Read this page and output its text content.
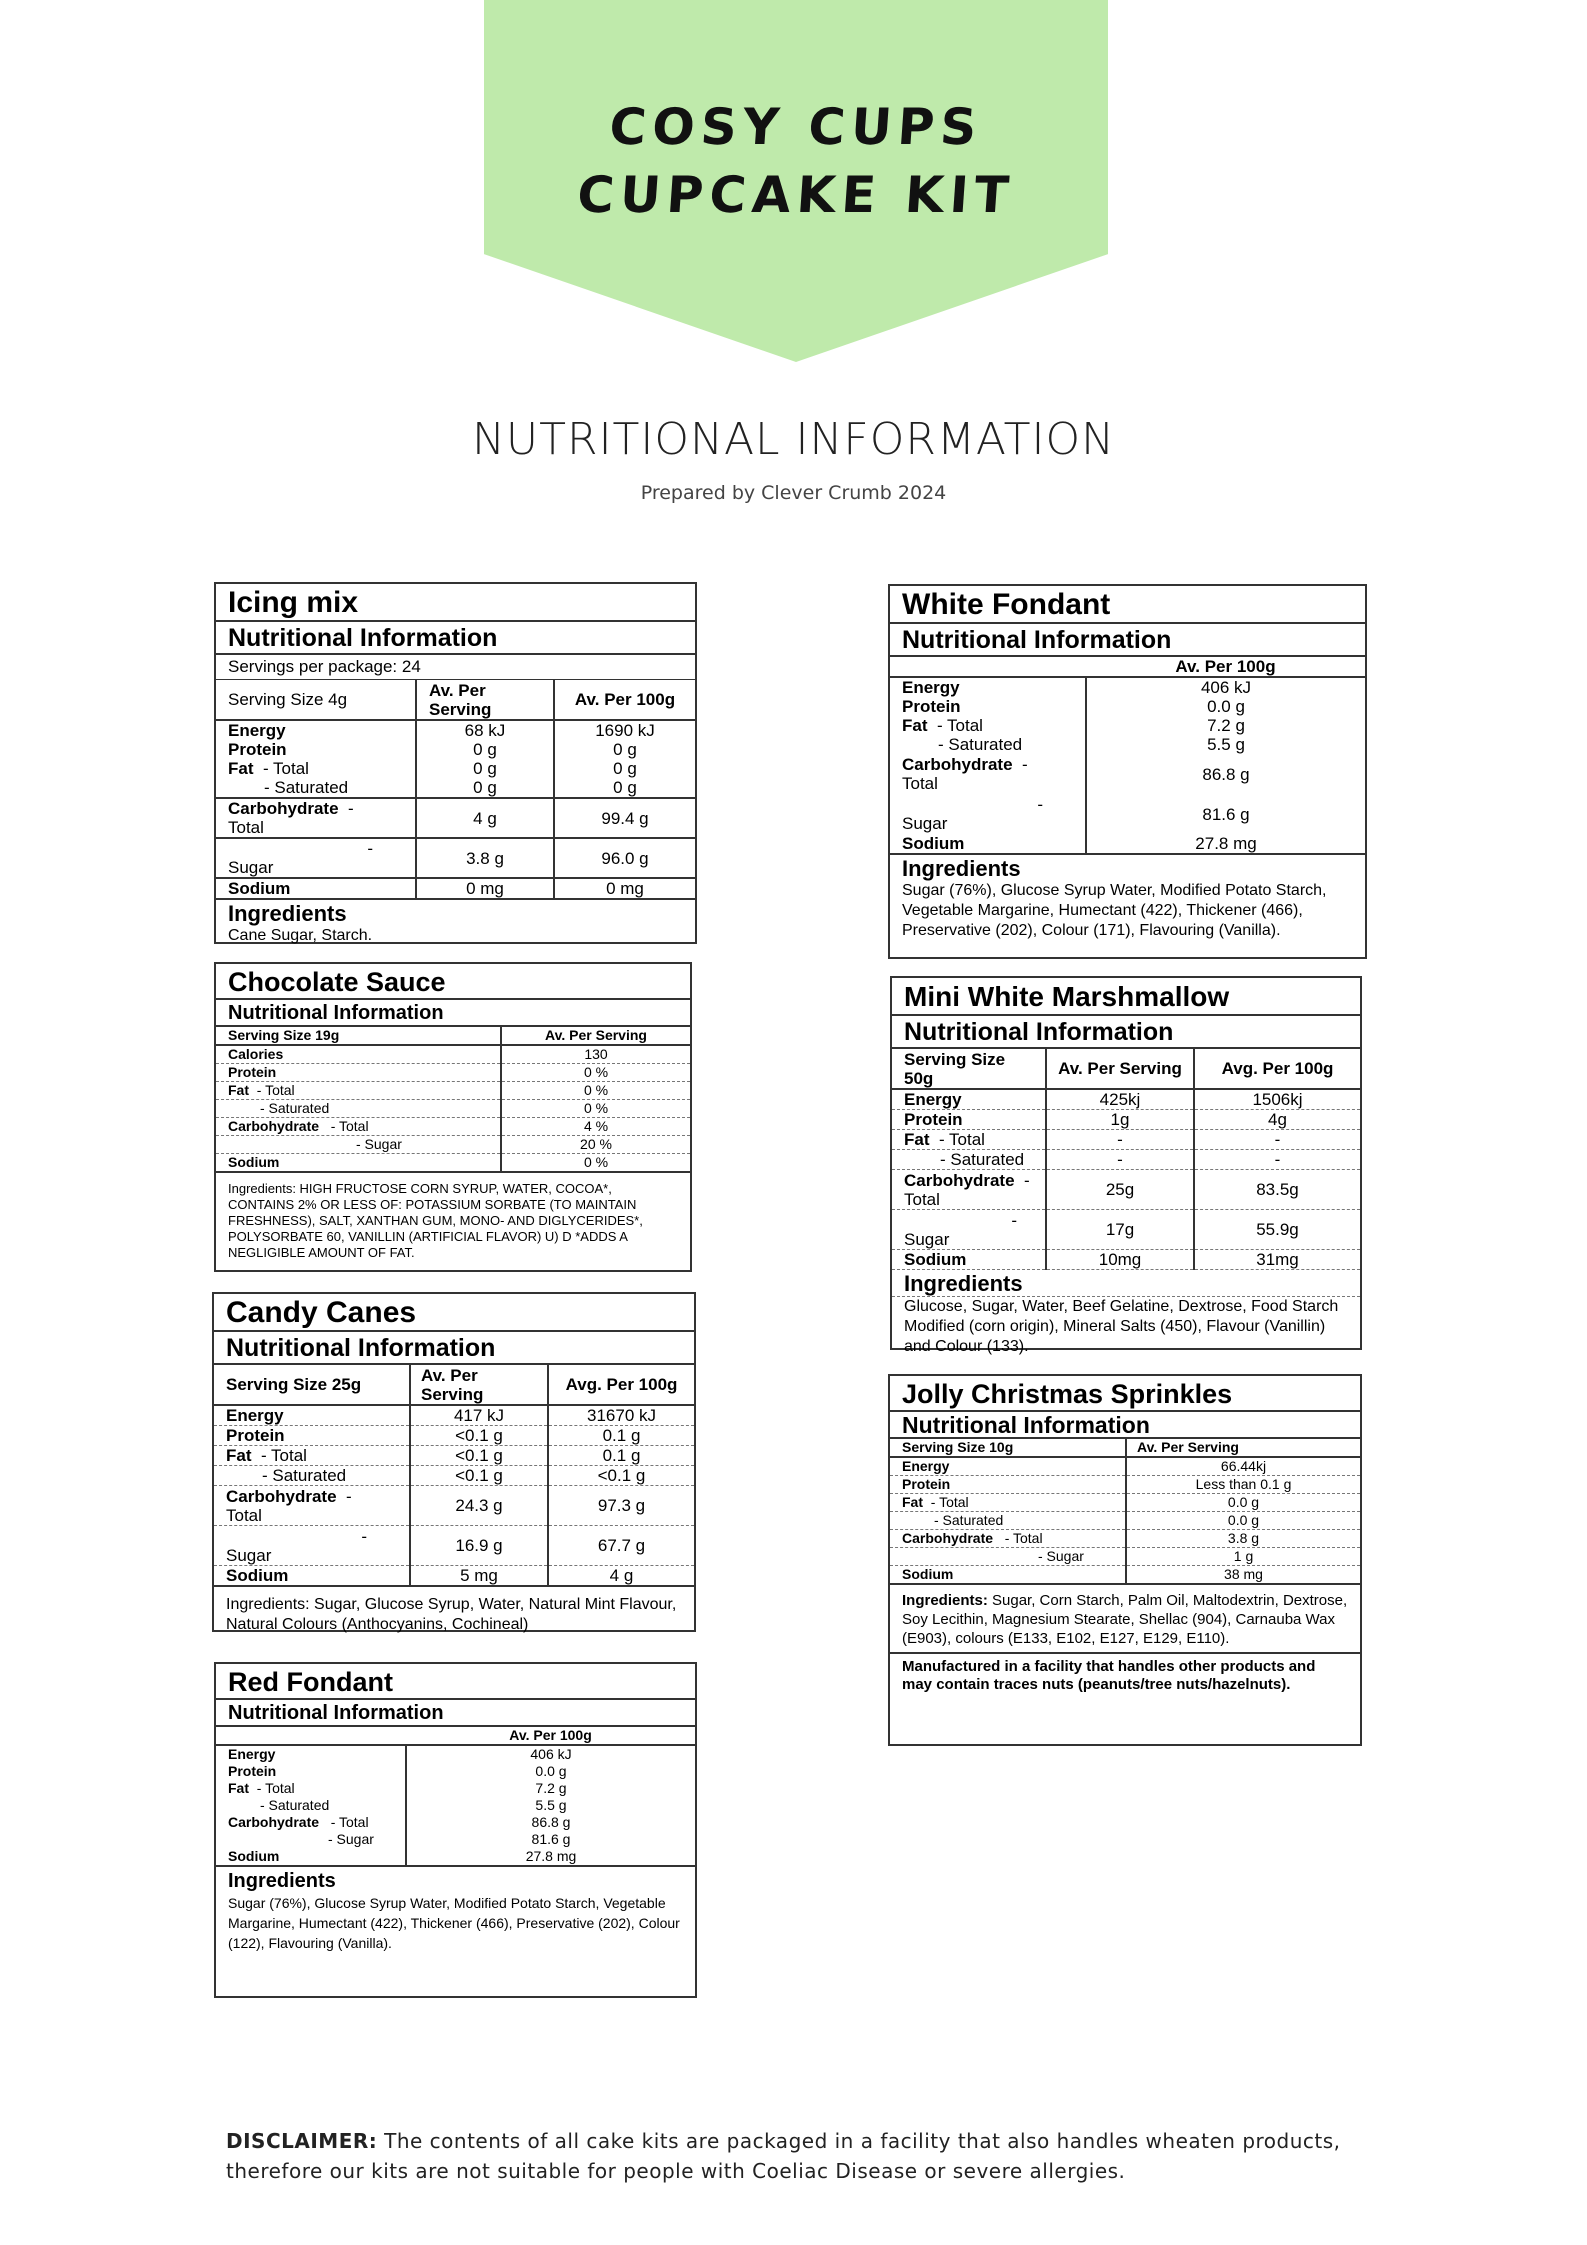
COSY CUPS
CUPCAKE KIT
NUTRITIONAL INFORMATION
Prepared by Clever Crumb 2024
Icing mix
Nutritional Information
Servings per package: 24
Serving Size 4g	Av. Per Serving	Av. Per 100g
Energy	68 kJ	1690 kJ
Protein	0 g	0 g
Fat - Total	0 g	0 g
- Saturated	0 g	0 g
Carbohydrate -
Total	4 g	99.4 g

-
Sugar	3.8 g	96.0 g
Sodium	0 mg	0 mg
Ingredients
Cane Sugar, Starch.
Chocolate Sauce
Nutritional Information
Serving Size 19g	Av. Per Serving
Calories	130
Protein	0 %
Fat - Total	0 %
- Saturated	0 %
Carbohydrate - Total	4 %
- Sugar	20 %
Sodium	0 %
Ingredients: HIGH FRUCTOSE CORN SYRUP, WATER, COCOA*, CONTAINS 2% OR LESS OF: POTASSIUM SORBATE (TO MAINTAIN FRESHNESS), SALT, XANTHAN GUM, MONO- AND DIGLYCERIDES*, POLYSORBATE 60, VANILLIN (ARTIFICIAL FLAVOR) U) D *ADDS A NEGLIGIBLE AMOUNT OF FAT.
Candy Canes
Nutritional Information
Serving Size 25g	Av. Per Serving	Avg. Per 100g
Energy	417 kJ	31670 kJ
Protein	<0.1 g	0.1 g
Fat - Total	<0.1 g	0.1 g
- Saturated	<0.1 g	<0.1 g
Carbohydrate -
Total	24.3 g	97.3 g

-
Sugar	16.9 g	67.7 g
Sodium	5 mg	4 g
Ingredients: Sugar, Glucose Syrup, Water, Natural Mint Flavour, Natural Colours (Anthocyanins, Cochineal)
Red Fondant
Nutritional Information
	Av. Per 100g
Energy	406 kJ
Protein	0.0 g
Fat - Total	7.2 g
- Saturated	5.5 g
Carbohydrate - Total	86.8 g
- Sugar	81.6 g
Sodium	27.8 mg
Ingredients
Sugar (76%), Glucose Syrup Water, Modified Potato Starch, Vegetable Margarine, Humectant (422), Thickener (466), Preservative (202), Colour (122), Flavouring (Vanilla).
White Fondant
Nutritional Information
	Av. Per 100g
Energy	406 kJ
Protein	0.0 g
Fat - Total	7.2 g
- Saturated	5.5 g
Carbohydrate -
Total	86.8 g

-
Sugar	81.6 g
Sodium	27.8 mg
Ingredients
Sugar (76%), Glucose Syrup Water, Modified Potato Starch, Vegetable Margarine, Humectant (422), Thickener (466), Preservative (202), Colour (171), Flavouring (Vanilla).
Mini White Marshmallow
Nutritional Information
Serving Size 50g	Av. Per Serving	Avg. Per 100g
Energy	425kj	1506kj
Protein	1g	4g
Fat - Total	-	-
- Saturated	-	-
Carbohydrate -
Total	25g	83.5g

-
Sugar	17g	55.9g
Sodium	10mg	31mg
Ingredients
Glucose, Sugar, Water, Beef Gelatine, Dextrose, Food Starch Modified (corn origin), Mineral Salts (450), Flavour (Vanillin) and Colour (133).
Jolly Christmas Sprinkles
Nutritional Information
Serving Size 10g	Av. Per Serving
Energy	66.44kj
Protein	Less than 0.1 g
Fat - Total	0.0 g
- Saturated	0.0 g
Carbohydrate - Total	3.8 g
- Sugar	1 g
Sodium	38 mg
Ingredients: Sugar, Corn Starch, Palm Oil, Maltodextrin, Dextrose, Soy Lecithin, Magnesium Stearate, Shellac (904), Carnauba Wax (E903), colours (E133, E102, E127, E129, E110).
Manufactured in a facility that handles other products and may contain traces nuts (peanuts/tree nuts/hazelnuts).
DISCLAIMER: The contents of all cake kits are packaged in a facility that also handles wheaten products, therefore our kits are not suitable for people with Coeliac Disease or severe allergies.
